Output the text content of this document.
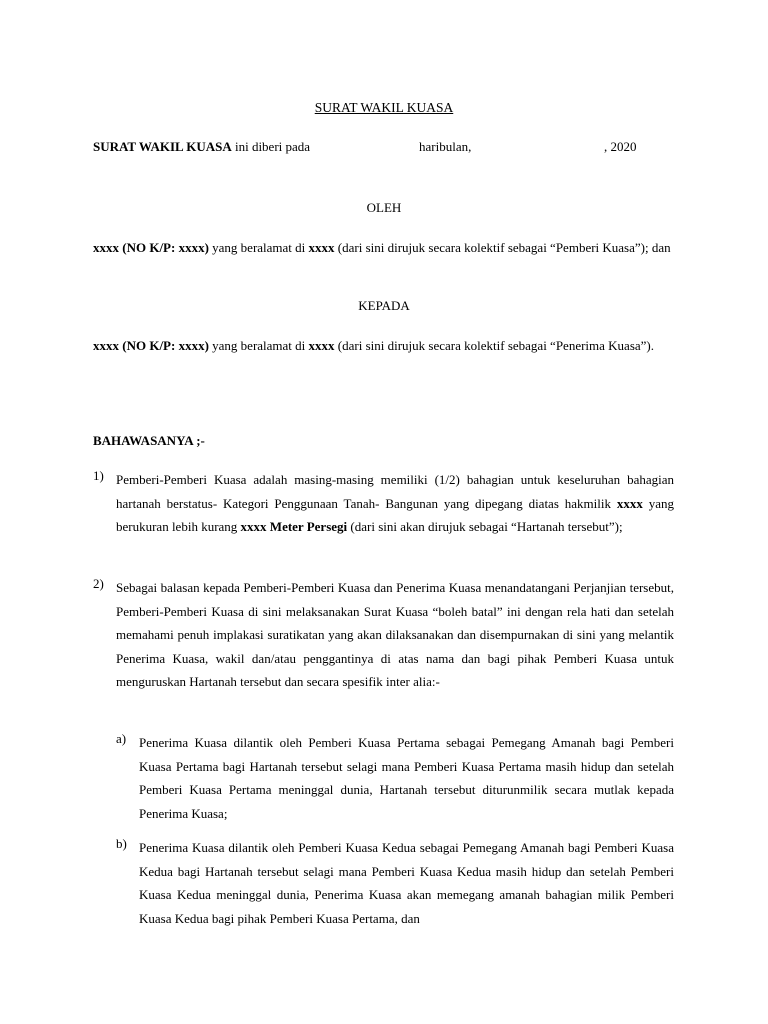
SURAT WAKIL KUASA
SURAT WAKIL KUASA ini diberi pada	haribulan,	, 2020
OLEH
xxxx (NO K/P: xxxx) yang beralamat di xxxx (dari sini dirujuk secara kolektif sebagai “Pemberi Kuasa”); dan
KEPADA
xxxx (NO K/P: xxxx) yang beralamat di xxxx (dari sini dirujuk secara kolektif sebagai “Penerima Kuasa”).
BAHAWASANYA ;-
1) Pemberi-Pemberi Kuasa adalah masing-masing memiliki (1/2) bahagian untuk keseluruhan bahagian hartanah berstatus- Kategori Penggunaan Tanah- Bangunan yang dipegang diatas hakmilik xxxx yang berukuran lebih kurang xxxx Meter Persegi (dari sini akan dirujuk sebagai “Hartanah tersebut”);
2) Sebagai balasan kepada Pemberi-Pemberi Kuasa dan Penerima Kuasa menandatangani Perjanjian tersebut, Pemberi-Pemberi Kuasa di sini melaksanakan Surat Kuasa “boleh batal” ini dengan rela hati dan setelah memahami penuh implakasi suratikatan yang akan dilaksanakan dan disempurnakan di sini yang melantik Penerima Kuasa, wakil dan/atau penggantinya di atas nama dan bagi pihak Pemberi Kuasa untuk menguruskan Hartanah tersebut dan secara spesifik inter alia:-
a) Penerima Kuasa dilantik oleh Pemberi Kuasa Pertama sebagai Pemegang Amanah bagi Pemberi Kuasa Pertama bagi Hartanah tersebut selagi mana Pemberi Kuasa Pertama masih hidup dan setelah Pemberi Kuasa Pertama meninggal dunia, Hartanah tersebut diturunmilik secara mutlak kepada Penerima Kuasa;
b) Penerima Kuasa dilantik oleh Pemberi Kuasa Kedua sebagai Pemegang Amanah bagi Pemberi Kuasa Kedua bagi Hartanah tersebut selagi mana Pemberi Kuasa Kedua masih hidup dan setelah Pemberi Kuasa Kedua meninggal dunia, Penerima Kuasa akan memegang amanah bahagian milik Pemberi Kuasa Kedua bagi pihak Pemberi Kuasa Pertama, dan
